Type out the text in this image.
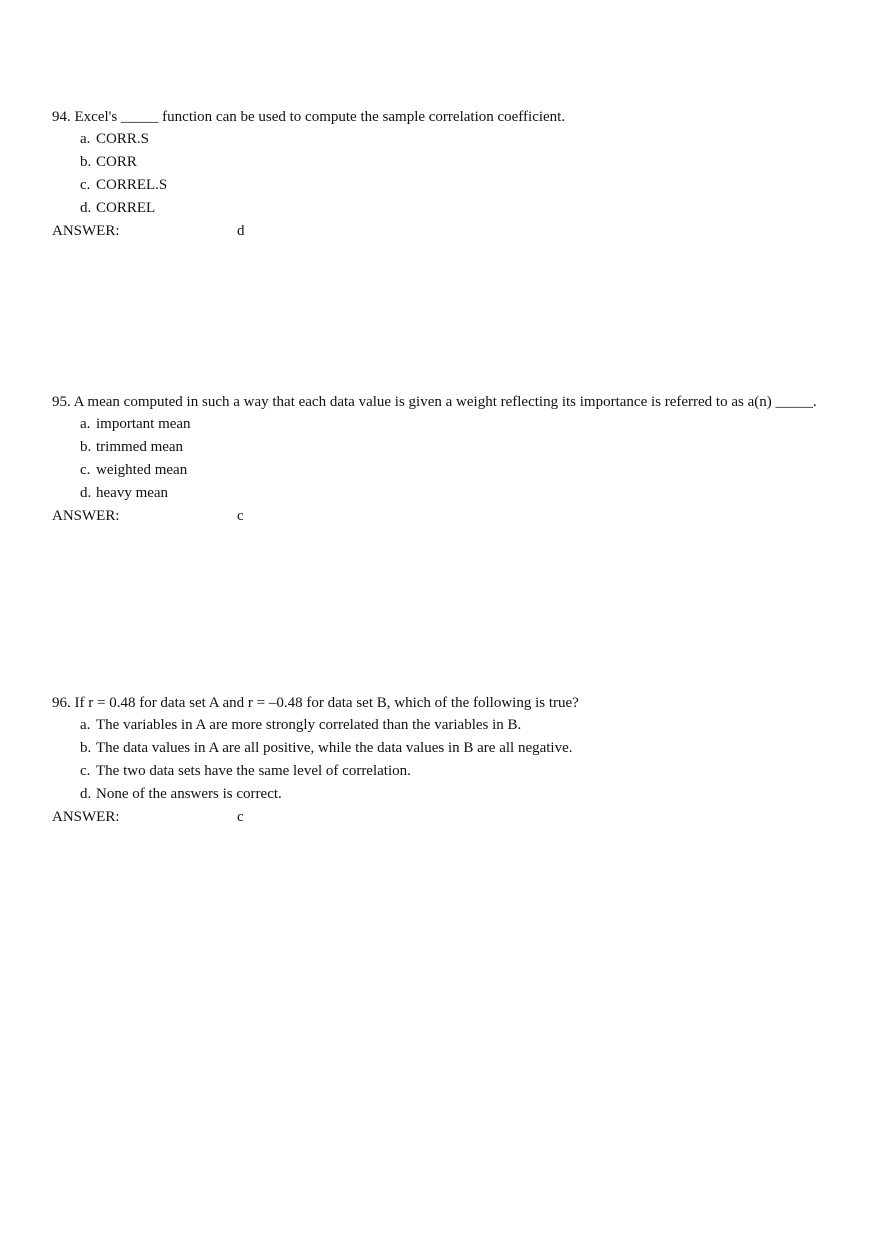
94. Excel's _____ function can be used to compute the sample correlation coefficient.
a. CORR.S
b. CORR
c. CORREL.S
d. CORREL
ANSWER:	d
95. A mean computed in such a way that each data value is given a weight reflecting its importance is referred to as a(n) _____.
a. important mean
b. trimmed mean
c. weighted mean
d. heavy mean
ANSWER:	c
96. If r = 0.48 for data set A and r = –0.48 for data set B, which of the following is true?
a. The variables in A are more strongly correlated than the variables in B.
b. The data values in A are all positive, while the data values in B are all negative.
c. The two data sets have the same level of correlation.
d. None of the answers is correct.
ANSWER:	c
